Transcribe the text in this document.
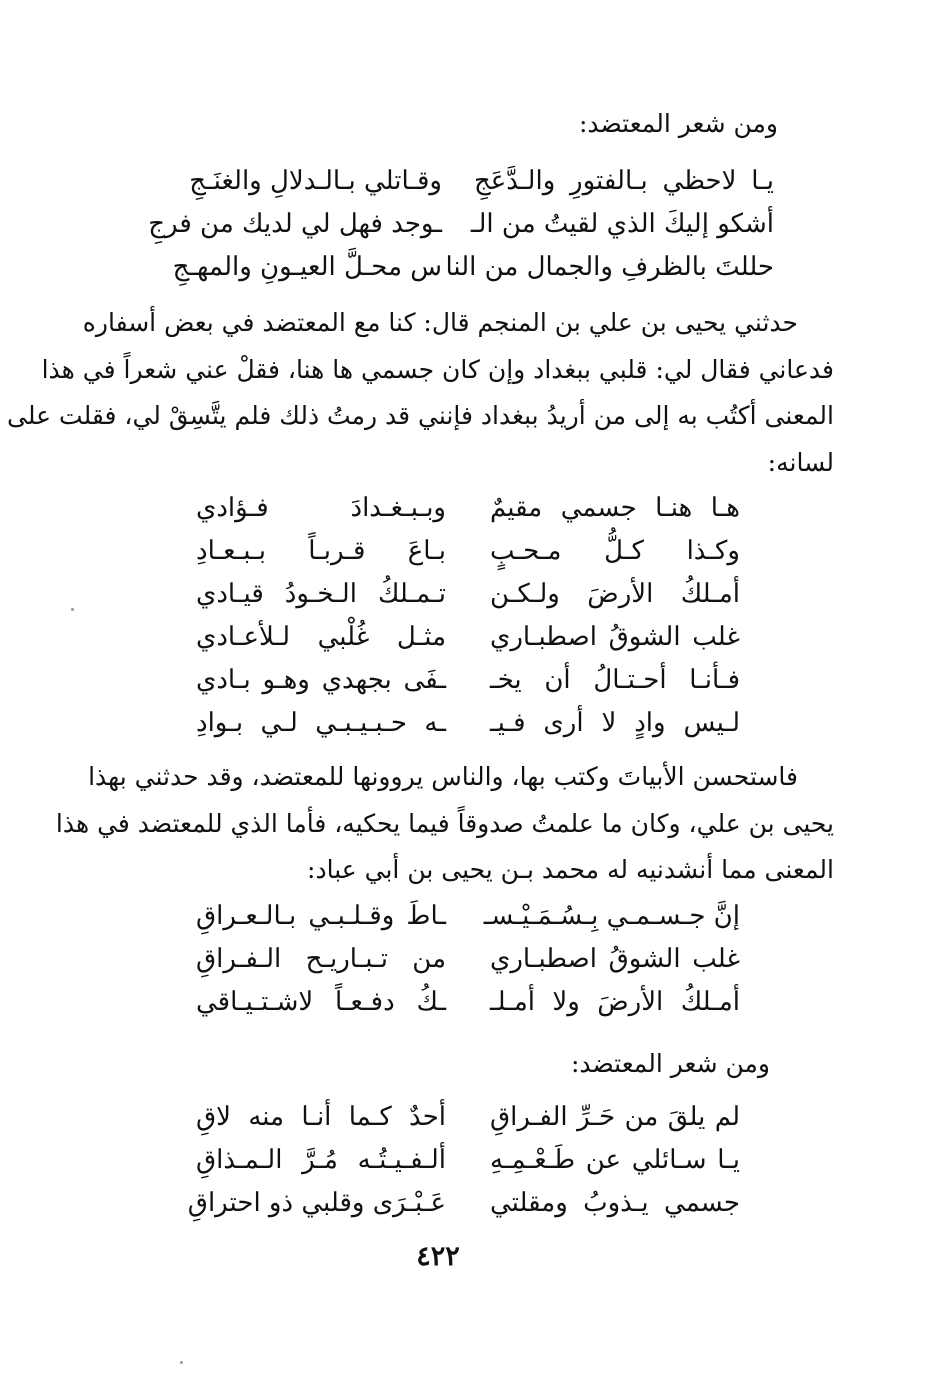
ومن شعر المعتضد:
يـا لاحظي بـالفتورِ والـدَّعَجِ
وقـاتلي بـالـدلالِ والغنَـجِ
أشكو إليكَ الذي لقيتُ من الـ
ـوجد فهل لي لديك من فرجِ
حللتَ بالظرفِ والجمال من النا
س محـلَّ العيـونِ والمهـجِ
حدثني يحيى بن علي بن المنجم قال: كنا مع المعتضد في بعض أسفاره
فدعاني فقال لي: قلبي ببغداد وإن كان جسمي ها هنا، فقلْ عني شعراً في هذا
المعنى أكتُب به إلى من أريدُ ببغداد فإنني قد رمتُ ذلك فلم يتَّسِقْ لي، فقلت على
لسانه:
هـا هنـا جسمي مقيمٌ
وبـبـغـدادَ فـؤادي
وكـذا كـلُّ مـحـبٍ
بـاعَ قـربـاً بـبـعـادِ
أمـلكُ الأرضَ ولـكـن
تـمـلكُ الـخـودُ قيـادي
غلب الشوقُ اصطبـاري
مثـل غُلْبي لـلأعـادي
فـأنـا أحـتـالُ أن يخـ
ـفَى بجهدي وهـو بـادي
لـيس وادٍ لا أرى فـيـ
ـه حـبـيـبـي لـي بـوادِ
فاستحسن الأبياتَ وكتب بها، والناس يروونها للمعتضد، وقد حدثني بهذا
يحيى بن علي، وكان ما علمتُ صدوقاً فيما يحكيه، فأما الذي للمعتضد في هذا
المعنى مما أنشدنيه له محمد بـن يحيى بن أبي عباد:
إنَّ جـسـمـي بِـسُـمَـيْـسـ
ـاطَ وقـلـبـي بـالـعـراقِ
غلب الشوقُ اصطبـاري
من تـبـاريـح الـفـراقِ
أمـلكُ الأرضَ ولا أمـلـ
ـكُ دفـعـاً لاشـتـيـاقي
ومن شعر المعتضد:
لم يلقَ من حَـرِّ الفـراقِ
أحدٌ كـما أنـا منه لاقِ
يـا سـائلي عن طَـعْـمِـهِ
ألـفـيـتُـه مُـرَّ الـمـذاقِ
جسمي يـذوبُ ومقلتي
عَـبْـرَى وقلبي ذو احتراقِ
٤٢٢
